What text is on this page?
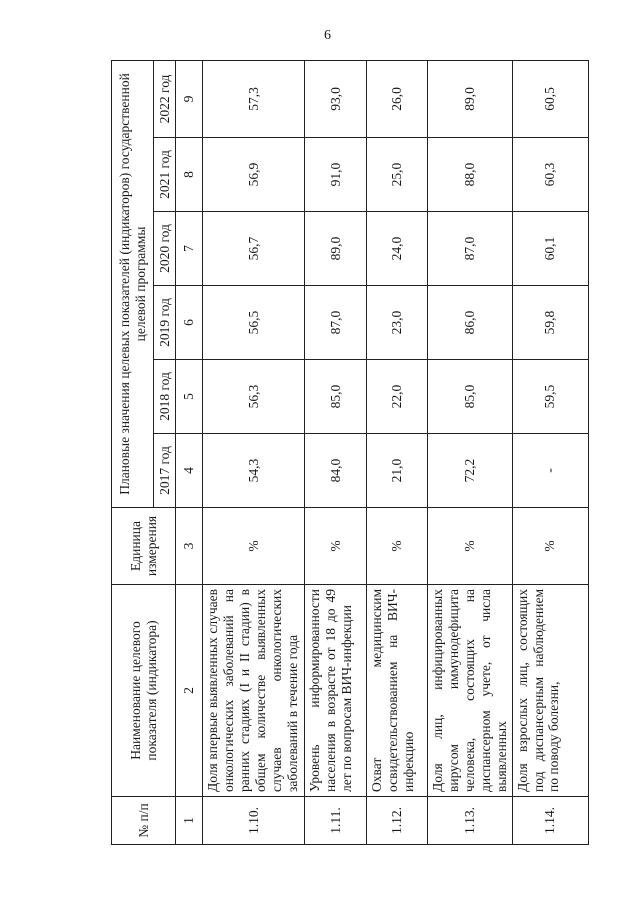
6
№ п/п	Наименование целевого показателя (индикатора)	Единица измерения	Плановые значения целевых показателей (индикаторов) государственной целевой программы					
			2017 год	2018 год	2019 год	2020 год	2021 год	2022 год
1	2	3	4	5	6	7	8	9
1.10.	Доля впервые выявленных случаев онкологических заболеваний на ранних стадиях (I и II стадии) в общем количестве выявленных случаев онкологических заболеваний в течение года	%	54,3	56,3	56,5	56,7	56,9	57,3
1.11.	Уровень информированности населения в возрасте от 18 до 49 лет по вопросам ВИЧ-инфекции	%	84,0	85,0	87,0	89,0	91,0	93,0
1.12.	Охват медицинским освидетельствованием на ВИЧ-инфекцию	%	21,0	22,0	23,0	24,0	25,0	26,0
1.13.	Доля лиц, инфицированных вирусом иммунодефицита человека, состоящих на диспансерном учете, от числа выявленных	%	72,2	85,0	86,0	87,0	88,0	89,0
1.14.	Доля взрослых лиц, состоящих под диспансерным наблюдением по поводу болезни,	%	-	59,5	59,8	60,1	60,3	60,5
